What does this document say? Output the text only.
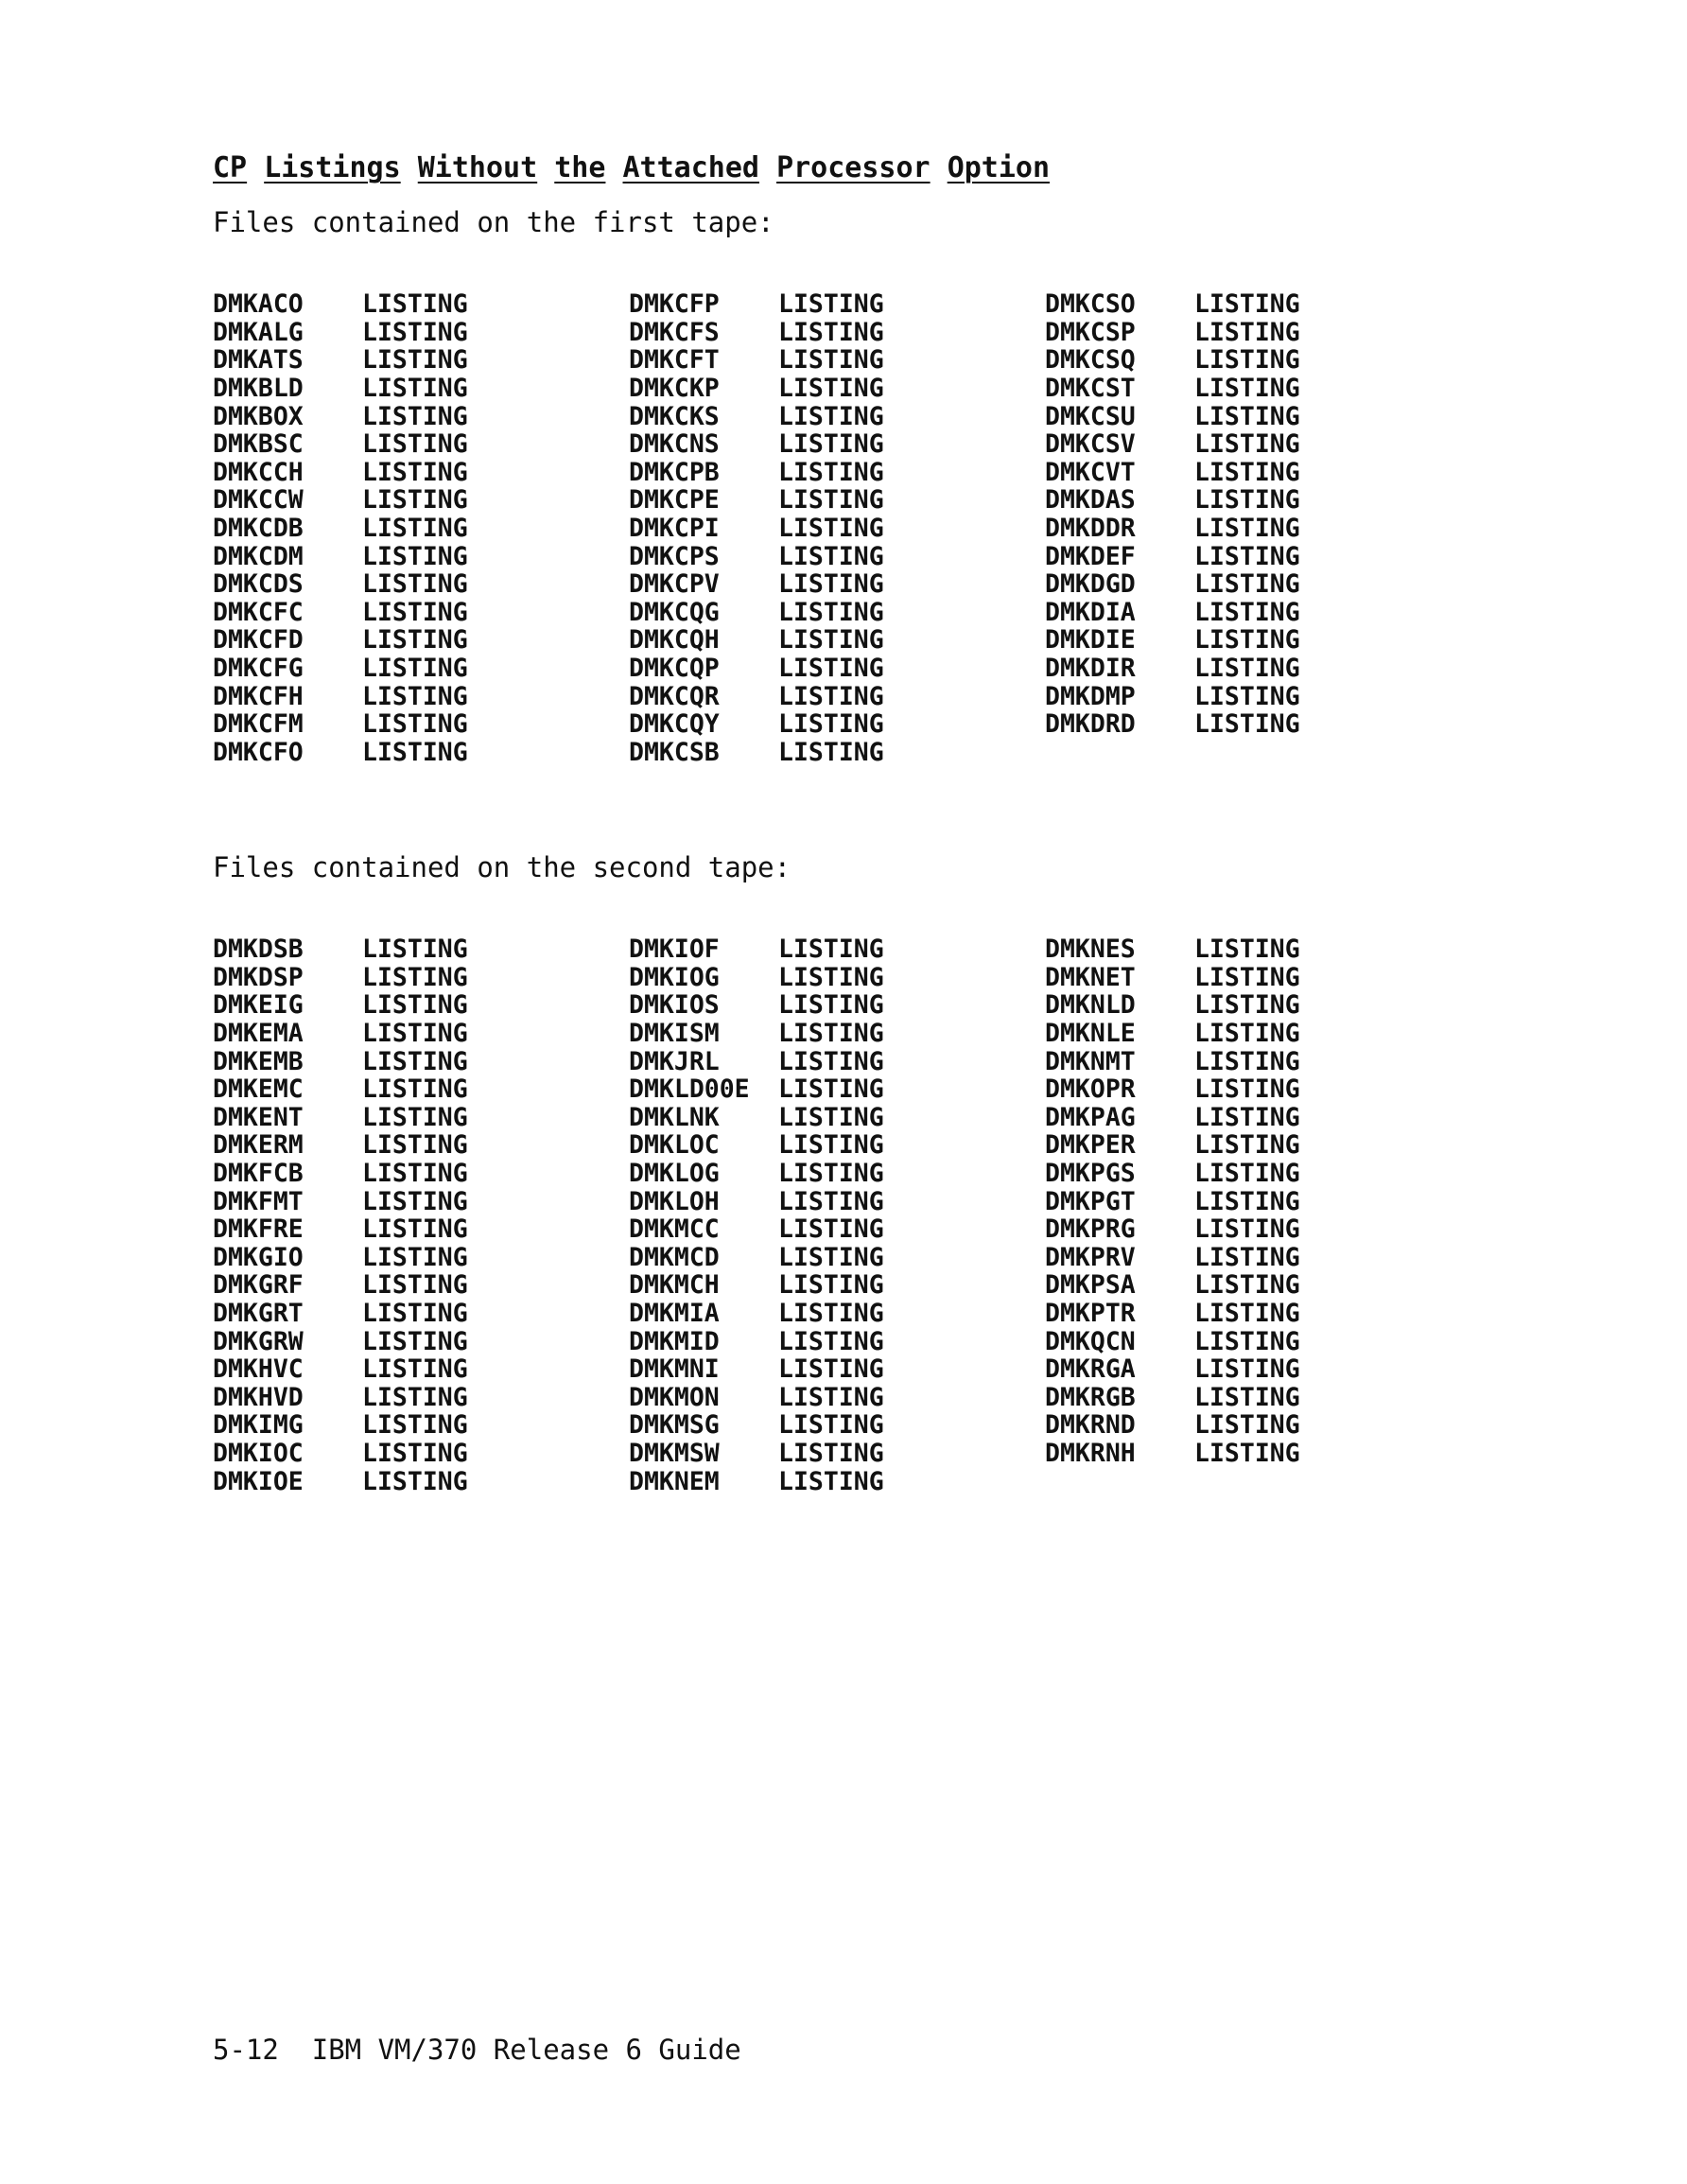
CP Listings Without the Attached Processor Option

Files contained on the first tape:

DMKACO	LISTING
DMKALG	LISTING
DMKATS	LISTING
DMKBLD	LISTING
DMKBOX	LISTING
DMKBSC	LISTING
DMKCCH	LISTING
DMKCCW	LISTING
DMKCDB	LISTING
DMKCDM	LISTING
DMKCDS	LISTING
DMKCFC	LISTING
DMKCFD	LISTING
DMKCFG	LISTING
DMKCFH	LISTING
DMKCFM	LISTING
DMKCFO	LISTING
DMKCFP	LISTING
DMKCFS	LISTING
DMKCFT	LISTING
DMKCKP	LISTING
DMKCKS	LISTING
DMKCNS	LISTING
DMKCPB	LISTING
DMKCPE	LISTING
DMKCPI	LISTING
DMKCPS	LISTING
DMKCPV	LISTING
DMKCQG	LISTING
DMKCQH	LISTING
DMKCQP	LISTING
DMKCQR	LISTING
DMKCQY	LISTING
DMKCSB	LISTING
DMKCSO	LISTING
DMKCSP	LISTING
DMKCSQ	LISTING
DMKCST	LISTING
DMKCSU	LISTING
DMKCSV	LISTING
DMKCVT	LISTING
DMKDAS	LISTING
DMKDDR	LISTING
DMKDEF	LISTING
DMKDGD	LISTING
DMKDIA	LISTING
DMKDIE	LISTING
DMKDIR	LISTING
DMKDMP	LISTING
DMKDRD	LISTING

Files contained on the second tape:

DMKDSB	LISTING
DMKDSP	LISTING
DMKEIG	LISTING
DMKEMA	LISTING
DMKEMB	LISTING
DMKEMC	LISTING
DMKENT	LISTING
DMKERM	LISTING
DMKFCB	LISTING
DMKFMT	LISTING
DMKFRE	LISTING
DMKGIO	LISTING
DMKGRF	LISTING
DMKGRT	LISTING
DMKGRW	LISTING
DMKHVC	LISTING
DMKHVD	LISTING
DMKIMG	LISTING
DMKIOC	LISTING
DMKIOE	LISTING
DMKIOF	LISTING
DMKIOG	LISTING
DMKIOS	LISTING
DMKISM	LISTING
DMKJRL	LISTING
DMKLD00E	LISTING
DMKLNK	LISTING
DMKLOC	LISTING
DMKLOG	LISTING
DMKLOH	LISTING
DMKMCC	LISTING
DMKMCD	LISTING
DMKMCH	LISTING
DMKMIA	LISTING
DMKMID	LISTING
DMKMNI	LISTING
DMKMON	LISTING
DMKMSG	LISTING
DMKMSW	LISTING
DMKNEM	LISTING
DMKNES	LISTING
DMKNET	LISTING
DMKNLD	LISTING
DMKNLE	LISTING
DMKNMT	LISTING
DMKOPR	LISTING
DMKPAG	LISTING
DMKPER	LISTING
DMKPGS	LISTING
DMKPGT	LISTING
DMKPRG	LISTING
DMKPRV	LISTING
DMKPSA	LISTING
DMKPTR	LISTING
DMKQCN	LISTING
DMKRGA	LISTING
DMKRGB	LISTING
DMKRND	LISTING
DMKRNH	LISTING
5-12  IBM VM/370 Release 6 Guide
